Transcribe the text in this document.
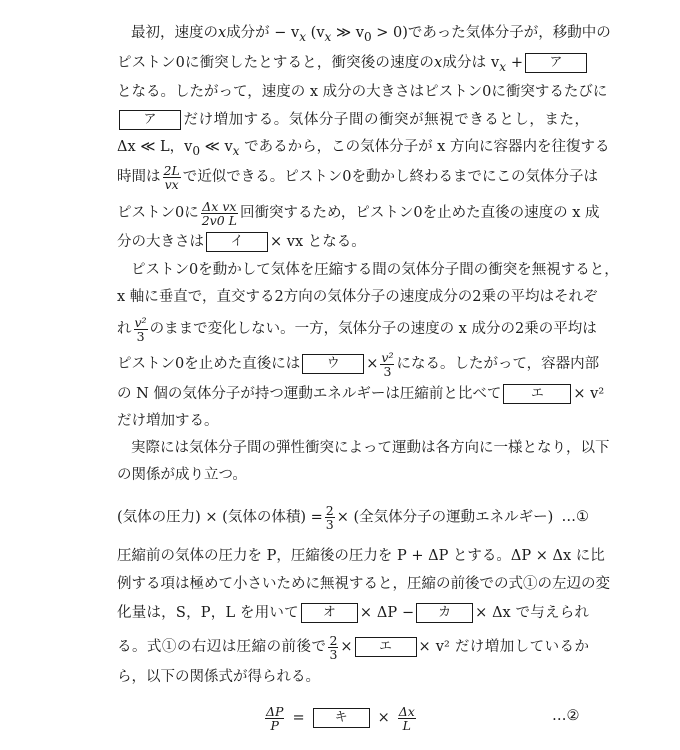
最初，速度のx成分が − $v_x$ ($v_x$ ≫ $v_0 > 0$)であった気体分子が，移動中の
ピストン0に衝突したとすると，衝突後の速度のx成分は $v_x$ + ア
となる。したがって，速度の x 成分の大きさはピストン0に衝突するたびに
ア だけ増加する。気体分子間の衝突が無視できるとし，また，
Δx ≪ L，$v_0$ ≪ $v_x$ であるから，この気体分子が x 方向に容器内を往復する
時間は $\frac{2L}{vx}$ で近似できる。ピストン0を動かし終わるまでにこの気体分子は
ピストン0に $\frac{\text{Δx vx}}{2v0 L}$ 回衝突するため，ピストン0を止めた直後の速度の x 成
分の大きさは イ × vx となる。
ピストン0を動かして気体を圧縮する間の気体分子間の衝突を無視すると，
x 軸に垂直で，直交する2方向の気体分子の速度成分の2乗の平均はそれぞ
れ $\frac{\text{v²}}{3}$ のままで変化しない。一方，気体分子の速度の x 成分の2乗の平均は
ピストン0を止めた直後には ウ × $\frac{\text{v²}}{3}$ になる。したがって，容器内部
の N 個の気体分子が持つ運動エネルギーは圧縮前と比べて エ × v²
だけ増加する。
実際には気体分子間の弾性衝突によって運動は各方向に一様となり，以下
の関係が成り立つ。
(気体の圧力) × (気体の体積) = $\frac{2}{3}$ × (全気体分子の運動エネルギー) …①
圧縮前の気体の圧力を P，圧縮後の圧力を P + ΔP とする。ΔP × Δx に比
例する項は極めて小さいために無視すると，圧縮の前後での式①の左辺の変
化量は，S，P，L を用いて オ × ΔP − カ × Δx で与えられ
る。式①の右辺は圧縮の前後で $\frac{2}{3}$ × エ × v² だけ増加しているか
ら，以下の関係式が得られる。
$\frac{\Delta P}{P}$ =	キ	× $\frac{\Delta x}{L}$	…②
